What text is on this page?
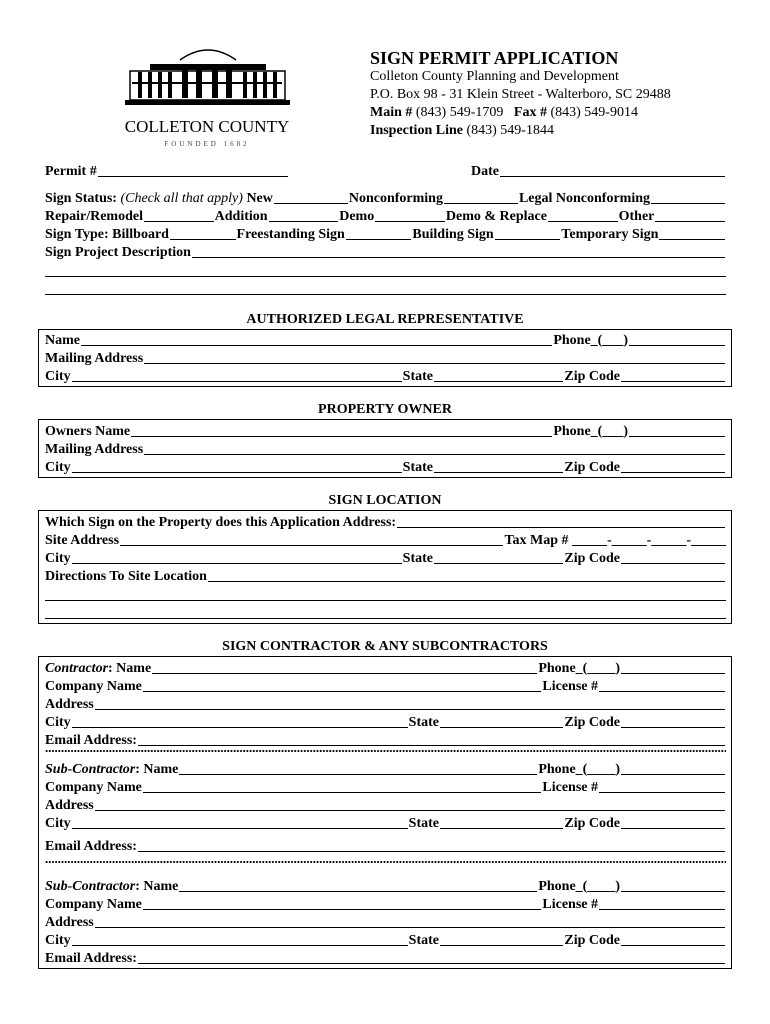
COLLETON COUNTY
FOUNDED 1682
SIGN PERMIT APPLICATION
Colleton County Planning and Development
P.O. Box 98 - 31 Klein Street - Walterboro, SC 29488
Main # (843) 549-1709 Fax # (843) 549-9014
Inspection Line (843) 549-1844
Permit #	Date
Sign Status:
(Check all that apply)
New	Nonconforming	Legal Nonconforming
Repair/Remodel	Addition	Demo	Demo & Replace	Other
Sign Type: Billboard	Freestanding Sign	Building Sign	Temporary Sign
Sign Project Description
AUTHORIZED LEGAL REPRESENTATIVE
Name	Phone_(___)
Mailing Address
City	State	Zip Code
PROPERTY OWNER
Owners Name	Phone_(___)
Mailing Address
City	State	Zip Code
SIGN LOCATION
Which Sign on the Property does this Application Address:
Site Address	Tax Map # _____-_____-_____-_____
City	State	Zip Code
Directions To Site Location
SIGN CONTRACTOR & ANY SUBCONTRACTORS
Contractor : Name	Phone_(____)
Company Name	License #
Address
City	State	Zip Code
Email Address:
Sub-Contractor : Name	Phone_(____)
Company Name	License #
Address
City	State	Zip Code
Email Address:
Sub-Contractor : Name	Phone_(____)
Company Name	License #
Address
City	State	Zip Code
Email Address:
